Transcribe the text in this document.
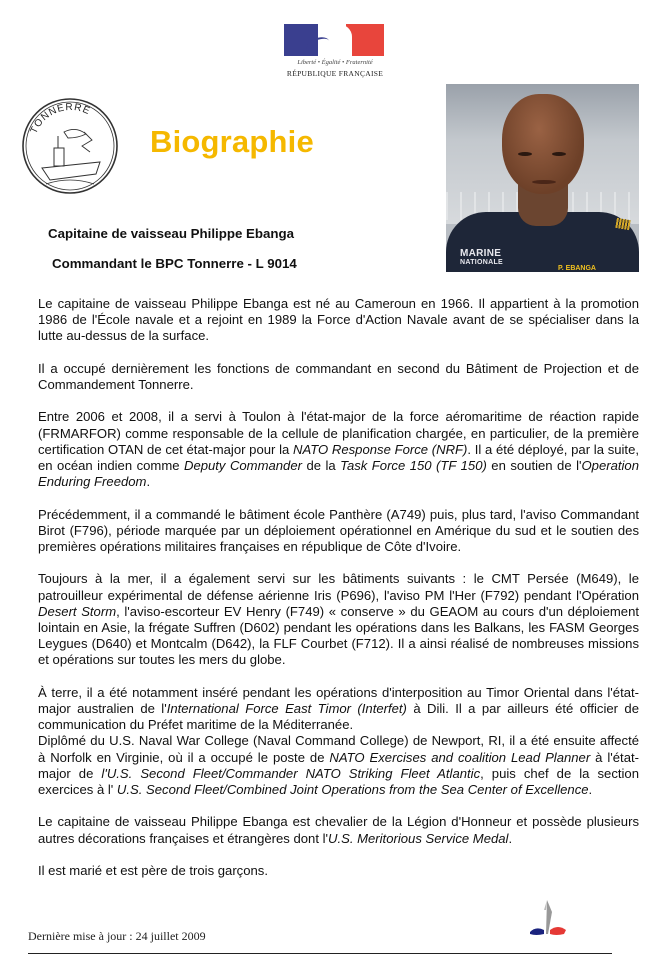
Liberté • Égalité • Fraternité
RÉPUBLIQUE FRANÇAISE
TONNERRE
Biographie
Capitaine de vaisseau Philippe Ebanga
Commandant le BPC Tonnerre - L 9014
MARINE
NATIONALE
P. EBANGA

Le capitaine de vaisseau Philippe Ebanga est né au Cameroun en 1966. Il appartient à la promotion 1986 de l'École navale et a rejoint en 1989 la Force d'Action Navale avant de se spécialiser dans la lutte au-dessus de la surface.

Il a occupé dernièrement les fonctions de commandant en second du Bâtiment de Projection et de Commandement Tonnerre.

Entre 2006 et 2008, il a servi à Toulon à l'état-major de la force aéromaritime de réaction rapide (FRMARFOR) comme responsable de la cellule de planification chargée, en particulier, de la première certification OTAN de cet état-major pour la NATO Response Force (NRF). Il a été déployé, par la suite, en océan indien comme Deputy Commander de la Task Force 150 (TF 150) en soutien de l'Operation Enduring Freedom.

Précédemment, il a commandé le bâtiment école Panthère (A749) puis, plus tard, l'aviso Commandant Birot (F796), période marquée par un déploiement opérationnel en Amérique du sud et le soutien des premières opérations militaires françaises en république de Côte d'Ivoire.

Toujours à la mer, il a également servi sur les bâtiments suivants : le CMT Persée (M649), le patrouilleur expérimental de défense aérienne Iris (P696), l'aviso PM l'Her (F792) pendant l'Opération Desert Storm, l'aviso-escorteur EV Henry (F749) « conserve » du GEAOM au cours d'un déploiement lointain en Asie, la frégate Suffren (D602) pendant les opérations dans les Balkans, les FASM Georges Leygues (D640) et Montcalm (D642), la FLF Courbet (F712). Il a ainsi réalisé de nombreuses missions et opérations sur toutes les mers du globe.

À terre, il a été notamment inséré pendant les opérations d'interposition au Timor Oriental dans l'état-major australien de l'International Force East Timor (Interfet) à Dili. Il a par ailleurs été officier de communication du Préfet maritime de la Méditerranée.

Diplômé du U.S. Naval War College (Naval Command College) de Newport, RI, il a été ensuite affecté à Norfolk en Virginie, où il a occupé le poste de NATO Exercises and coalition Lead Planner à l'état-major de l'U.S. Second Fleet/Commander NATO Striking Fleet Atlantic, puis chef de la section exercices à l' U.S. Second Fleet/Combined Joint Operations from the Sea Center of Excellence.

Le capitaine de vaisseau Philippe Ebanga est chevalier de la Légion d'Honneur et possède plusieurs autres décorations françaises et étrangères dont l'U.S. Meritorious Service Medal.

Il est marié et est père de trois garçons.

Dernière mise à jour : 24 juillet 2009
